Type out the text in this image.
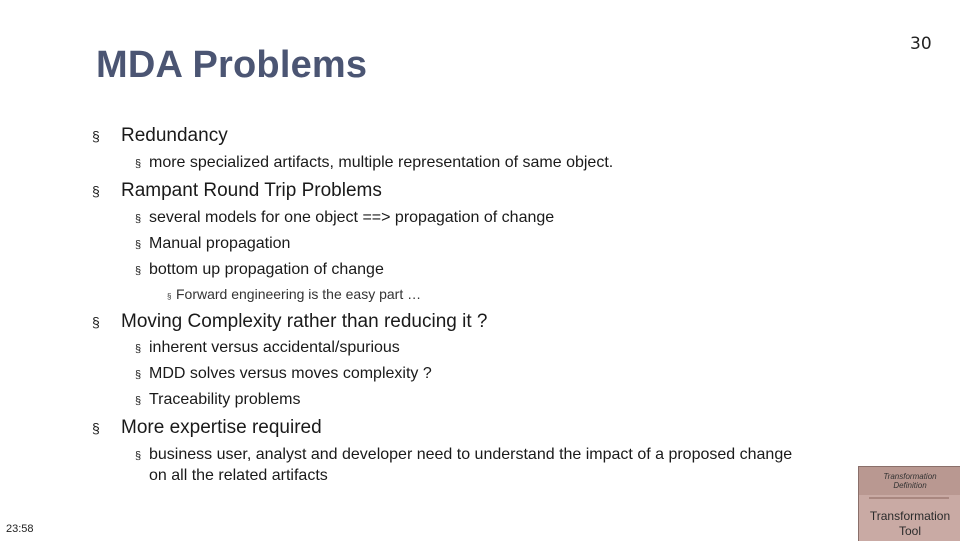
MDA Problems	30
§ Redundancy
§ more specialized artifacts, multiple representation of same object.
§ Rampant Round Trip Problems
§ several models for one object ==> propagation of change
§ Manual propagation
§ bottom up propagation of change
§ Forward engineering is the easy part …
§ Moving Complexity rather than reducing it ?
§ inherent versus accidental/spurious
§ MDD solves versus moves complexity ?
§ Traceability problems
§ More expertise required
§ business user, analyst and developer need to understand the impact of a proposed change
on all the related artifacts
23:58
Transformation
Definition
Transformation
Tool
